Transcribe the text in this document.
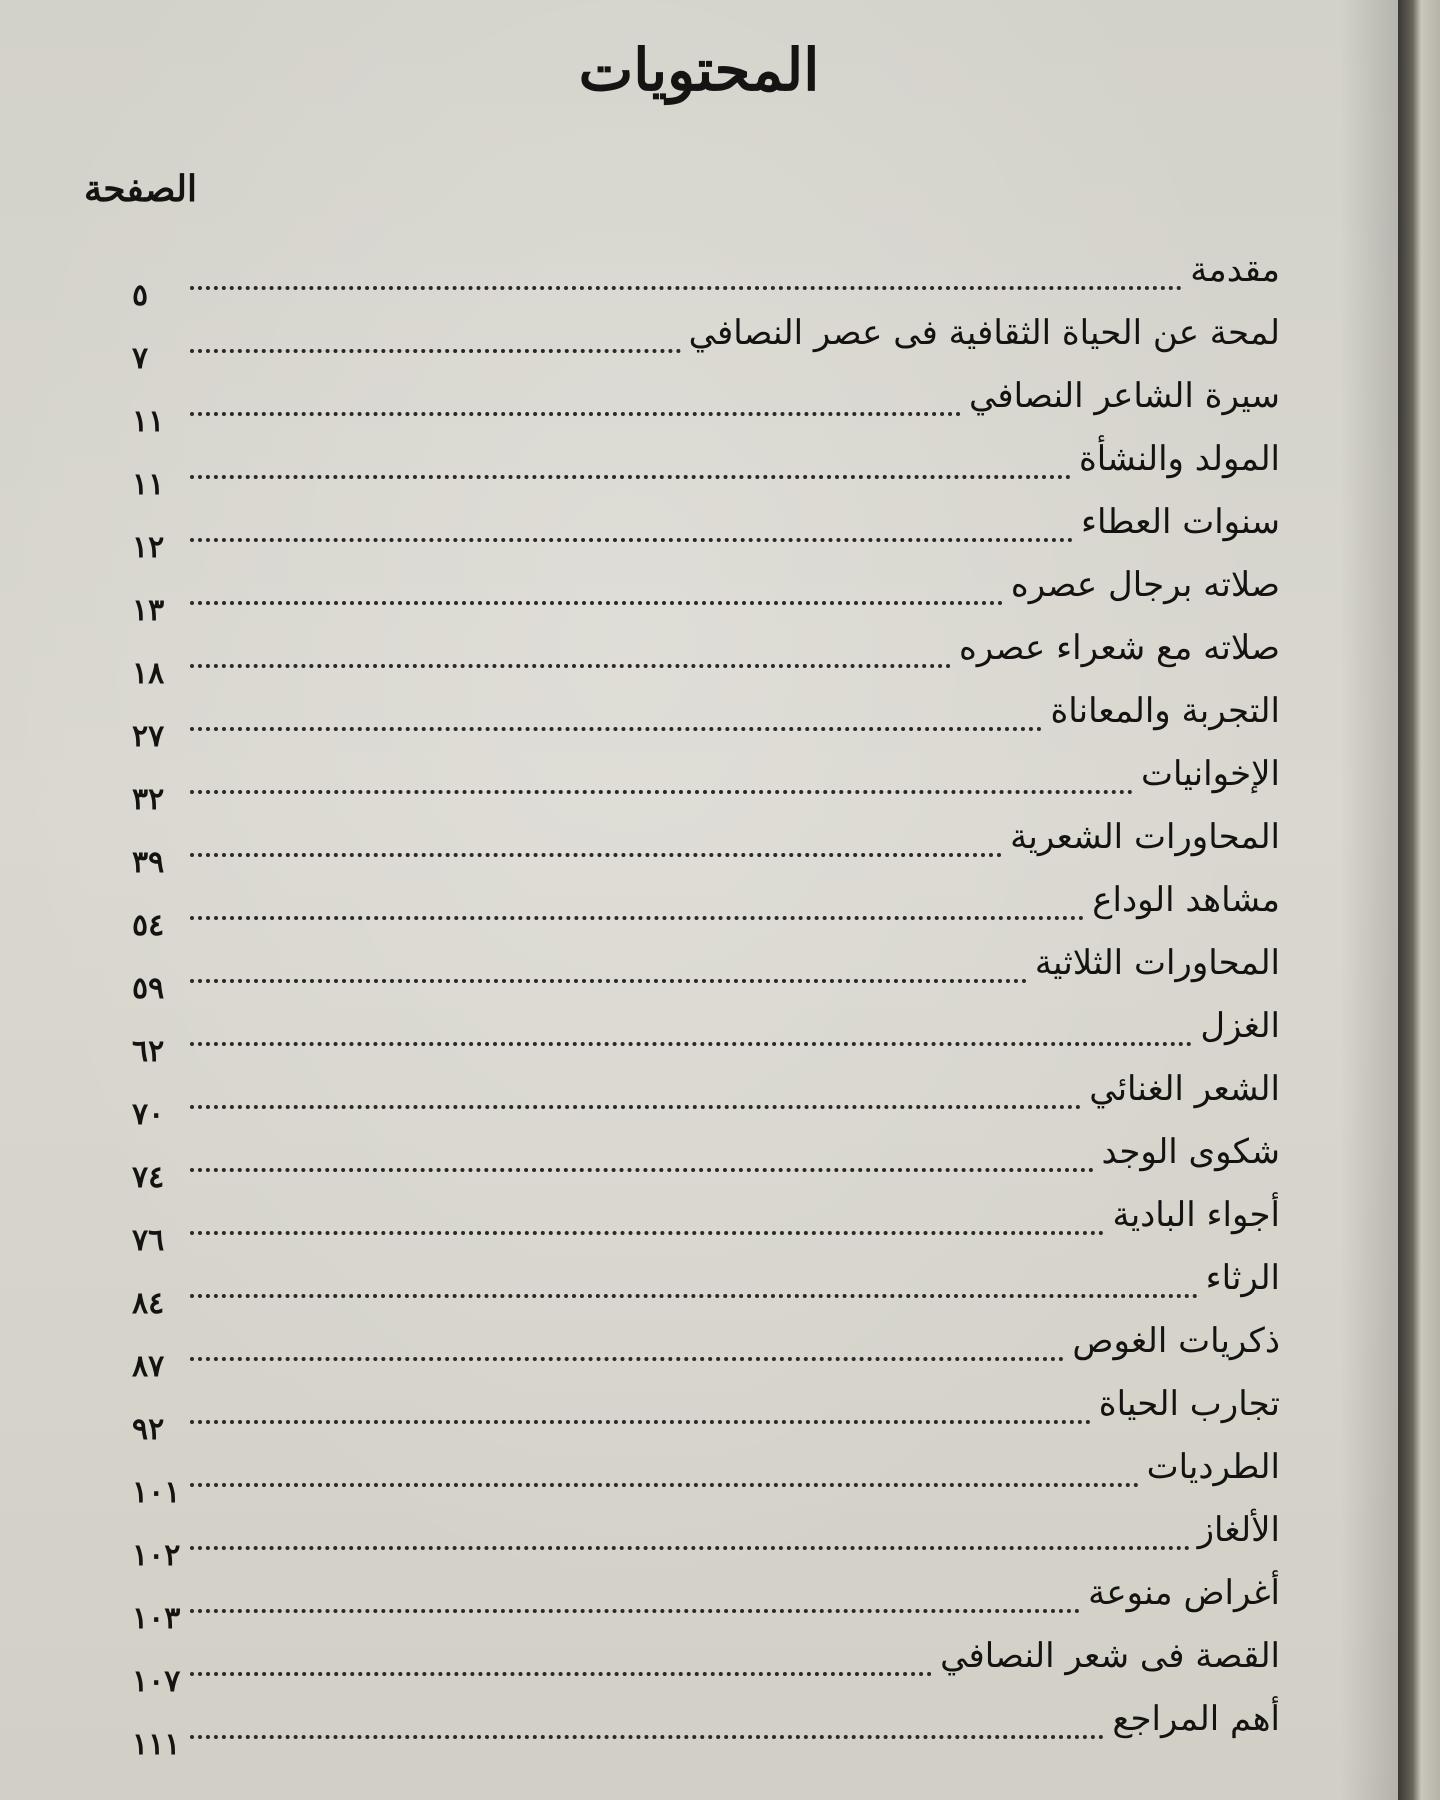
المحتويات
الصفحة
مقدمة
٥
لمحة عن الحياة الثقافية فى عصر النصافي
٧
سيرة الشاعر النصافي
١١
المولد والنشأة
١١
سنوات العطاء
١٢
صلاته برجال عصره
١٣
صلاته مع شعراء عصره
١٨
التجربة والمعاناة
٢٧
الإخوانيات
٣٢
المحاورات الشعرية
٣٩
مشاهد الوداع
٥٤
المحاورات الثلاثية
٥٩
الغزل
٦٢
الشعر الغنائي
٧٠
شكوى الوجد
٧٤
أجواء البادية
٧٦
الرثاء
٨٤
ذكريات الغوص
٨٧
تجارب الحياة
٩٢
الطرديات
١٠١
الألغاز
١٠٢
أغراض منوعة
١٠٣
القصة فى شعر النصافي
١٠٧
أهم المراجع
١١١
